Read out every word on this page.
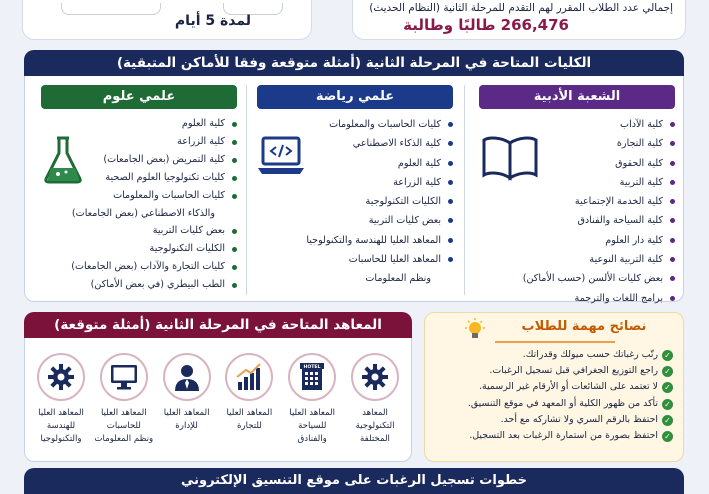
لمدة 5 أيام
إجمالي عدد الطلاب المقرر لهم التقدم للمرحلة الثانية (النظام الحديث)
266,476 طالبًا وطالبة
الكليات المتاحة في المرحلة الثانية (أمثلة متوقعة وفقا للأماكن المتبقية)
الشعبة الأدبية
كلية الآداب
كلية التجارة
كلية الحقوق
كلية التربية
كلية الخدمة الإجتماعية
كلية السياحة والفنادق
كلية دار العلوم
كلية التربية النوعية
بعض كليات الألسن (حسب الأماكن)
برامج اللغات والترجمة
علمي رياضة
كليات الحاسبات والمعلومات
كلية الذكاء الاصطناعي
كلية العلوم
كلية الزراعة
الكليات التكنولوجية
بعض كليات التربية
المعاهد العليا للهندسة والتكنولوجيا
المعاهد العليا للحاسبات
ونظم المعلومات
علمي علوم
كلية العلوم
كلية الزراعة
كلية التمريض (بعض الجامعات)
كليات تكنولوجيا العلوم الصحية
كليات الحاسبات والمعلومات
والذكاء الاصطناعي (بعض الجامعات)
بعض كليات التربية
الكليات التكنولوجية
كليات التجارة والآداب (بعض الجامعات)
الطب البيطري (في بعض الأماكن)
المعاهد المتاحة في المرحلة الثانية (أمثلة متوقعة)
المعاهد
التكنولوجية
المختلفة
HOTEL
المعاهد العليا
للسياحة
والفنادق
المعاهد العليا
للتجارة
المعاهد العليا
للإدارة
المعاهد العليا
للحاسبات
ونظم المعلومات
المعاهد العليا
للهندسة
والتكنولوجيا
نصائح مهمة للطلاب
✓
رتّب رغباتك حسب ميولك وقدراتك.
✓
راجع التوزيع الجغرافي قبل تسجيل الرغبات.
✓
لا تعتمد على الشائعات أو الأرقام غير الرسمية.
✓
تأكد من ظهور الكلية أو المعهد في موقع التنسيق.
✓
احتفظ بالرقم السري ولا تشاركه مع أحد.
✓
احتفظ بصورة من استمارة الرغبات بعد التسجيل.
خطوات تسجيل الرغبات على موقع التنسيق الإلكتروني
